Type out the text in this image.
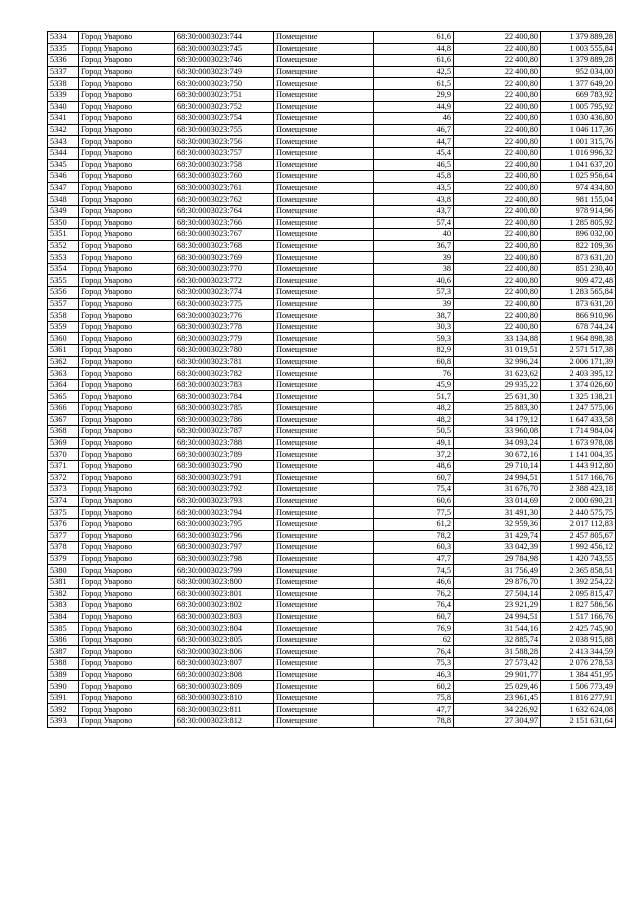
5334	Город Уварово	68:30:0003023:744	Помещение	61,6	22 400,80	1 379 889,28
5335	Город Уварово	68:30:0003023:745	Помещение	44,8	22 400,80	1 003 555,84
5336	Город Уварово	68:30:0003023:746	Помещение	61,6	22 400,80	1 379 889,28
5337	Город Уварово	68:30:0003023:749	Помещение	42,5	22 400,80	952 034,00
5338	Город Уварово	68:30:0003023:750	Помещение	61,5	22 400,80	1 377 649,20
5339	Город Уварово	68:30:0003023:751	Помещение	29,9	22 400,80	669 783,92
5340	Город Уварово	68:30:0003023:752	Помещение	44,9	22 400,80	1 005 795,92
5341	Город Уварово	68:30:0003023:754	Помещение	46	22 400,80	1 030 436,80
5342	Город Уварово	68:30:0003023:755	Помещение	46,7	22 400,80	1 046 117,36
5343	Город Уварово	68:30:0003023:756	Помещение	44,7	22 400,80	1 001 315,76
5344	Город Уварово	68:30:0003023:757	Помещение	45,4	22 400,80	1 016 996,32
5345	Город Уварово	68:30:0003023:758	Помещение	46,5	22 400,80	1 041 637,20
5346	Город Уварово	68:30:0003023:760	Помещение	45,8	22 400,80	1 025 956,64
5347	Город Уварово	68:30:0003023:761	Помещение	43,5	22 400,80	974 434,80
5348	Город Уварово	68:30:0003023:762	Помещение	43,8	22 400,80	981 155,04
5349	Город Уварово	68:30:0003023:764	Помещение	43,7	22 400,80	978 914,96
5350	Город Уварово	68:30:0003023:766	Помещение	57,4	22 400,80	1 285 805,92
5351	Город Уварово	68:30:0003023:767	Помещение	40	22 400,80	896 032,00
5352	Город Уварово	68:30:0003023:768	Помещение	36,7	22 400,80	822 109,36
5353	Город Уварово	68:30:0003023:769	Помещение	39	22 400,80	873 631,20
5354	Город Уварово	68:30:0003023:770	Помещение	38	22 400,80	851 230,40
5355	Город Уварово	68:30:0003023:772	Помещение	40,6	22 400,80	909 472,48
5356	Город Уварово	68:30:0003023:774	Помещение	57,3	22 400,80	1 283 565,84
5357	Город Уварово	68:30:0003023:775	Помещение	39	22 400,80	873 631,20
5358	Город Уварово	68:30:0003023:776	Помещение	38,7	22 400,80	866 910,96
5359	Город Уварово	68:30:0003023:778	Помещение	30,3	22 400,80	678 744,24
5360	Город Уварово	68:30:0003023:779	Помещение	59,3	33 134,88	1 964 898,38
5361	Город Уварово	68:30:0003023:780	Помещение	82,9	31 019,51	2 571 517,38
5362	Город Уварово	68:30:0003023:781	Помещение	60,8	32 996,24	2 006 171,39
5363	Город Уварово	68:30:0003023:782	Помещение	76	31 623,62	2 403 395,12
5364	Город Уварово	68:30:0003023:783	Помещение	45,9	29 935,22	1 374 026,60
5365	Город Уварово	68:30:0003023:784	Помещение	51,7	25 631,30	1 325 138,21
5366	Город Уварово	68:30:0003023:785	Помещение	48,2	25 883,30	1 247 575,06
5367	Город Уварово	68:30:0003023:786	Помещение	48,2	34 179,12	1 647 433,58
5368	Город Уварово	68:30:0003023:787	Помещение	50,5	33 960,08	1 714 984,04
5369	Город Уварово	68:30:0003023:788	Помещение	49,1	34 093,24	1 673 978,08
5370	Город Уварово	68:30:0003023:789	Помещение	37,2	30 672,16	1 141 004,35
5371	Город Уварово	68:30:0003023:790	Помещение	48,6	29 710,14	1 443 912,80
5372	Город Уварово	68:30:0003023:791	Помещение	60,7	24 994,51	1 517 166,76
5373	Город Уварово	68:30:0003023:792	Помещение	75,4	31 676,70	2 388 423,18
5374	Город Уварово	68:30:0003023:793	Помещение	60,6	33 014,69	2 000 690,21
5375	Город Уварово	68:30:0003023:794	Помещение	77,5	31 491,30	2 440 575,75
5376	Город Уварово	68:30:0003023:795	Помещение	61,2	32 959,36	2 017 112,83
5377	Город Уварово	68:30:0003023:796	Помещение	78,2	31 429,74	2 457 805,67
5378	Город Уварово	68:30:0003023:797	Помещение	60,3	33 042,39	1 992 456,12
5379	Город Уварово	68:30:0003023:798	Помещение	47,7	29 784,98	1 420 743,55
5380	Город Уварово	68:30:0003023:799	Помещение	74,5	31 756,49	2 365 858,51
5381	Город Уварово	68:30:0003023:800	Помещение	46,6	29 876,70	1 392 254,22
5382	Город Уварово	68:30:0003023:801	Помещение	76,2	27 504,14	2 095 815,47
5383	Город Уварово	68:30:0003023:802	Помещение	76,4	23 921,29	1 827 586,56
5384	Город Уварово	68:30:0003023:803	Помещение	60,7	24 994,51	1 517 166,76
5385	Город Уварово	68:30:0003023:804	Помещение	76,9	31 544,16	2 425 745,90
5386	Город Уварово	68:30:0003023:805	Помещение	62	32 885,74	2 038 915,88
5387	Город Уварово	68:30:0003023:806	Помещение	76,4	31 588,28	2 413 344,59
5388	Город Уварово	68:30:0003023:807	Помещение	75,3	27 573,42	2 076 278,53
5389	Город Уварово	68:30:0003023:808	Помещение	46,3	29 901,77	1 384 451,95
5390	Город Уварово	68:30:0003023:809	Помещение	60,2	25 029,46	1 506 773,49
5391	Город Уварово	68:30:0003023:810	Помещение	75,8	23 961,45	1 816 277,91
5392	Город Уварово	68:30:0003023:811	Помещение	47,7	34 226,92	1 632 624,08
5393	Город Уварово	68:30:0003023:812	Помещение	78,8	27 304,97	2 151 631,64
